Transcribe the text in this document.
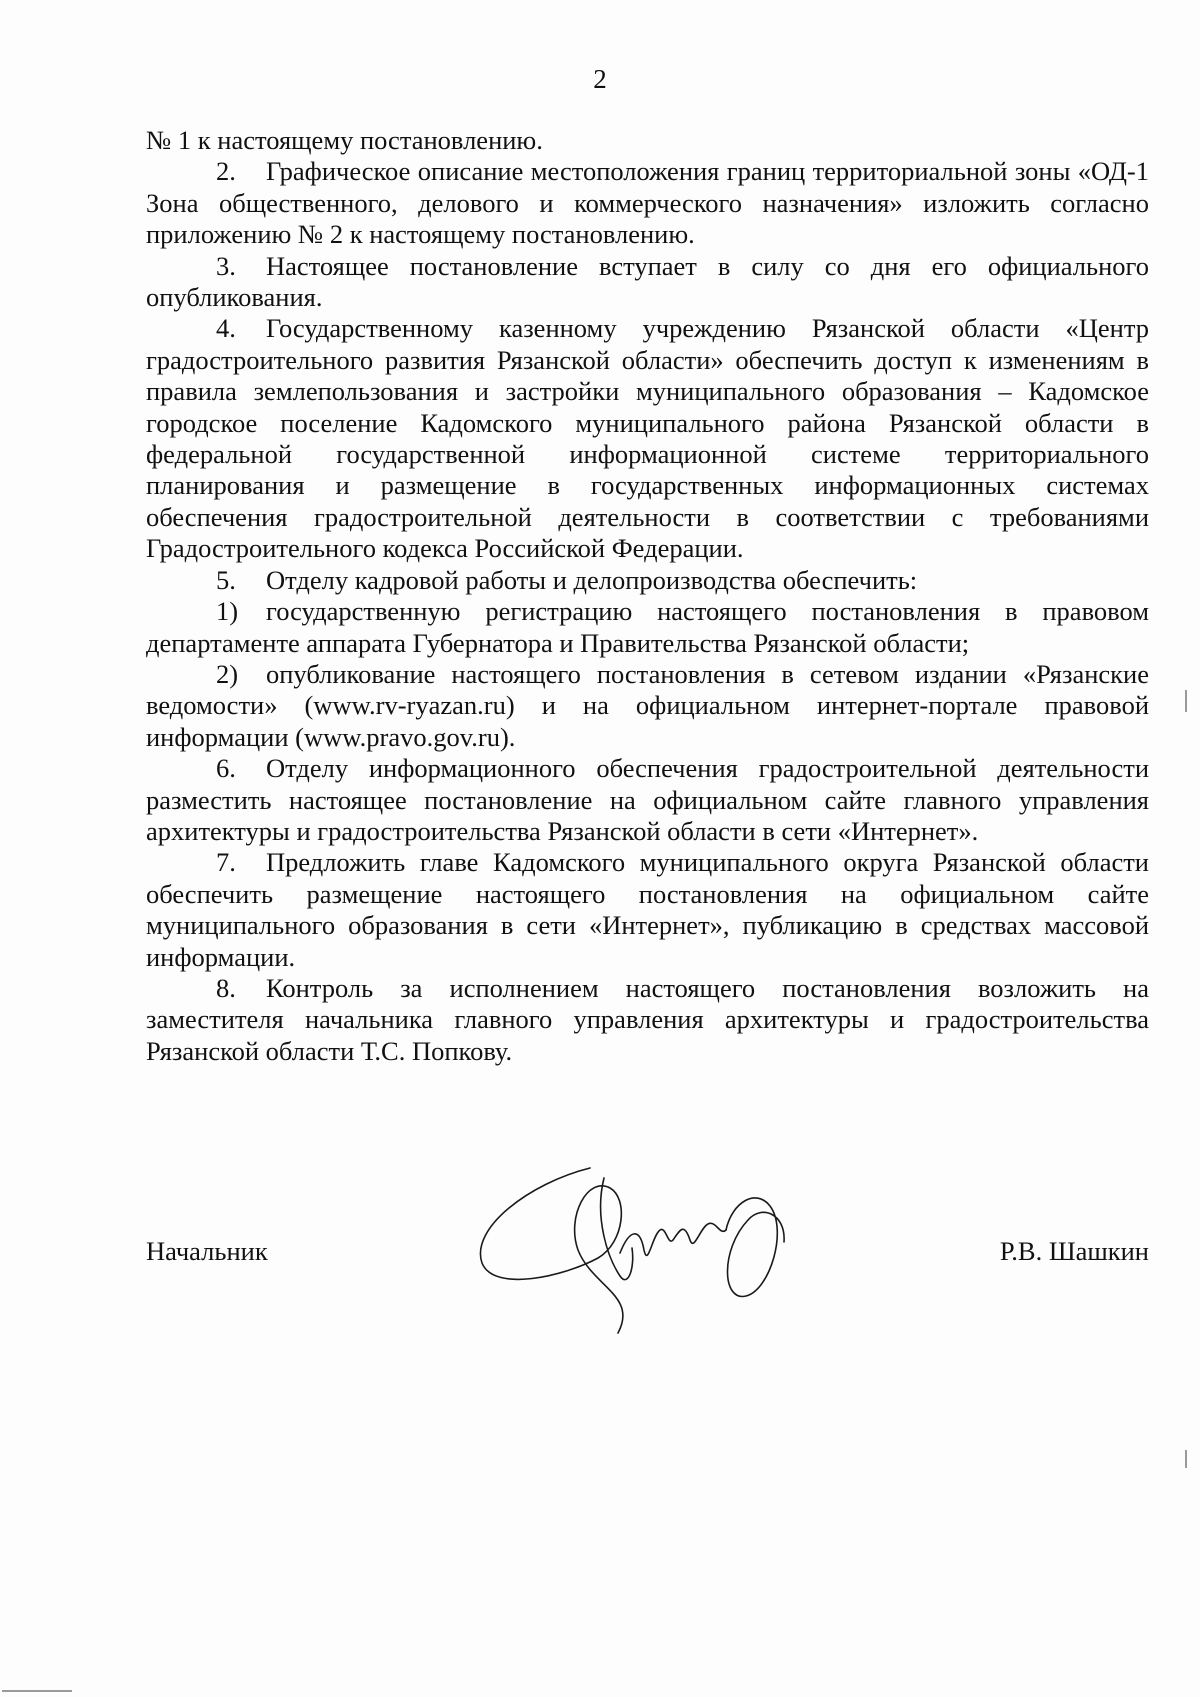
2

№ 1 к настоящему постановлению.

2. Графическое описание местоположения границ территориальной зоны «ОД-1 Зона общественного, делового и коммерческого назначения» изложить согласно приложению № 2 к настоящему постановлению.

3. Настоящее постановление вступает в силу со дня его официального опубликования.

4. Государственному казенному учреждению Рязанской области «Центр градостроительного развития Рязанской области» обеспечить доступ к изменениям в правила землепользования и застройки муниципального образования – Кадомское городское поселение Кадомского муниципального района Рязанской области в федеральной государственной информационной системе территориального планирования и размещение в государственных информационных системах обеспечения градостроительной деятельности в соответствии с требованиями Градостроительного кодекса Российской Федерации.

5. Отделу кадровой работы и делопроизводства обеспечить:

1) государственную регистрацию настоящего постановления в правовом департаменте аппарата Губернатора и Правительства Рязанской области;

2) опубликование настоящего постановления в сетевом издании «Рязанские ведомости» (www.rv-ryazan.ru) и на официальном интернет-портале правовой информации (www.pravo.gov.ru).

6. Отделу информационного обеспечения градостроительной деятельности разместить настоящее постановление на официальном сайте главного управления архитектуры и градостроительства Рязанской области в сети «Интернет».

7. Предложить главе Кадомского муниципального округа Рязанской области обеспечить размещение настоящего постановления на официальном сайте муниципального образования в сети «Интернет», публикацию в средствах массовой информации.

8. Контроль за исполнением настоящего постановления возложить на заместителя начальника главного управления архитектуры и градостроительства Рязанской области Т.С. Попкову.

Начальник	Р.В. Шашкин
